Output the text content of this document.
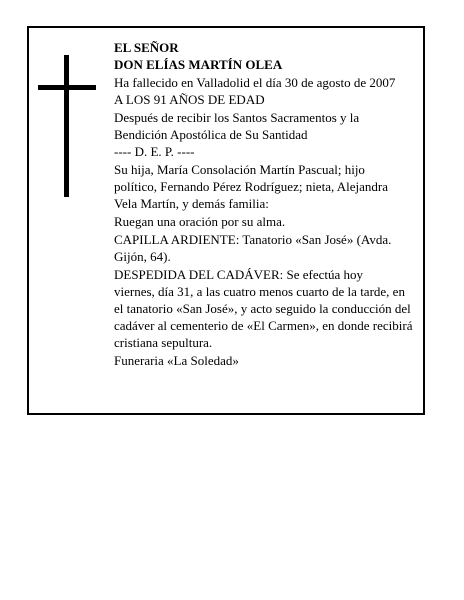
EL SEÑOR
DON ELÍAS MARTÍN OLEA
Ha fallecido en Valladolid el día 30 de agosto de 2007
A LOS 91 AÑOS DE EDAD
Después de recibir los Santos Sacramentos y la
Bendición Apostólica de Su Santidad
---- D. E. P. ----
Su hija, María Consolación Martín Pascual; hijo
político, Fernando Pérez Rodríguez; nieta, Alejandra
Vela Martín, y demás familia:
Ruegan una oración por su alma.
CAPILLA ARDIENTE: Tanatorio «San José» (Avda.
Gijón, 64).
DESPEDIDA DEL CADÁVER: Se efectúa hoy
viernes, día 31, a las cuatro menos cuarto de la tarde, en
el tanatorio «San José», y acto seguido la conducción del
cadáver al cementerio de «El Carmen», en donde recibirá
cristiana sepultura.
Funeraria «La Soledad»
